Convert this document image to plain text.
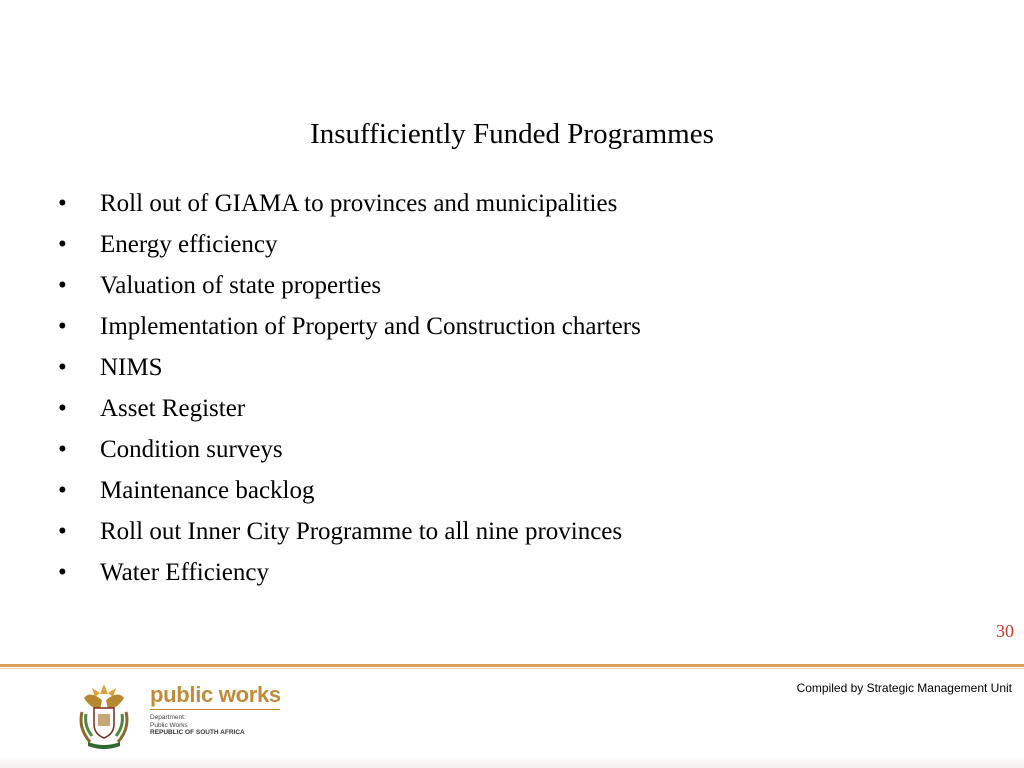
Insufficiently Funded Programmes
• Roll out of GIAMA to provinces and municipalities
• Energy efficiency
• Valuation of state properties
• Implementation of Property and Construction charters
• NIMS
• Asset Register
• Condition surveys
• Maintenance backlog
• Roll out Inner City Programme to all nine provinces
• Water Efficiency
30
public works
Department:
Public Works
REPUBLIC OF SOUTH AFRICA
Compiled by Strategic Management Unit
